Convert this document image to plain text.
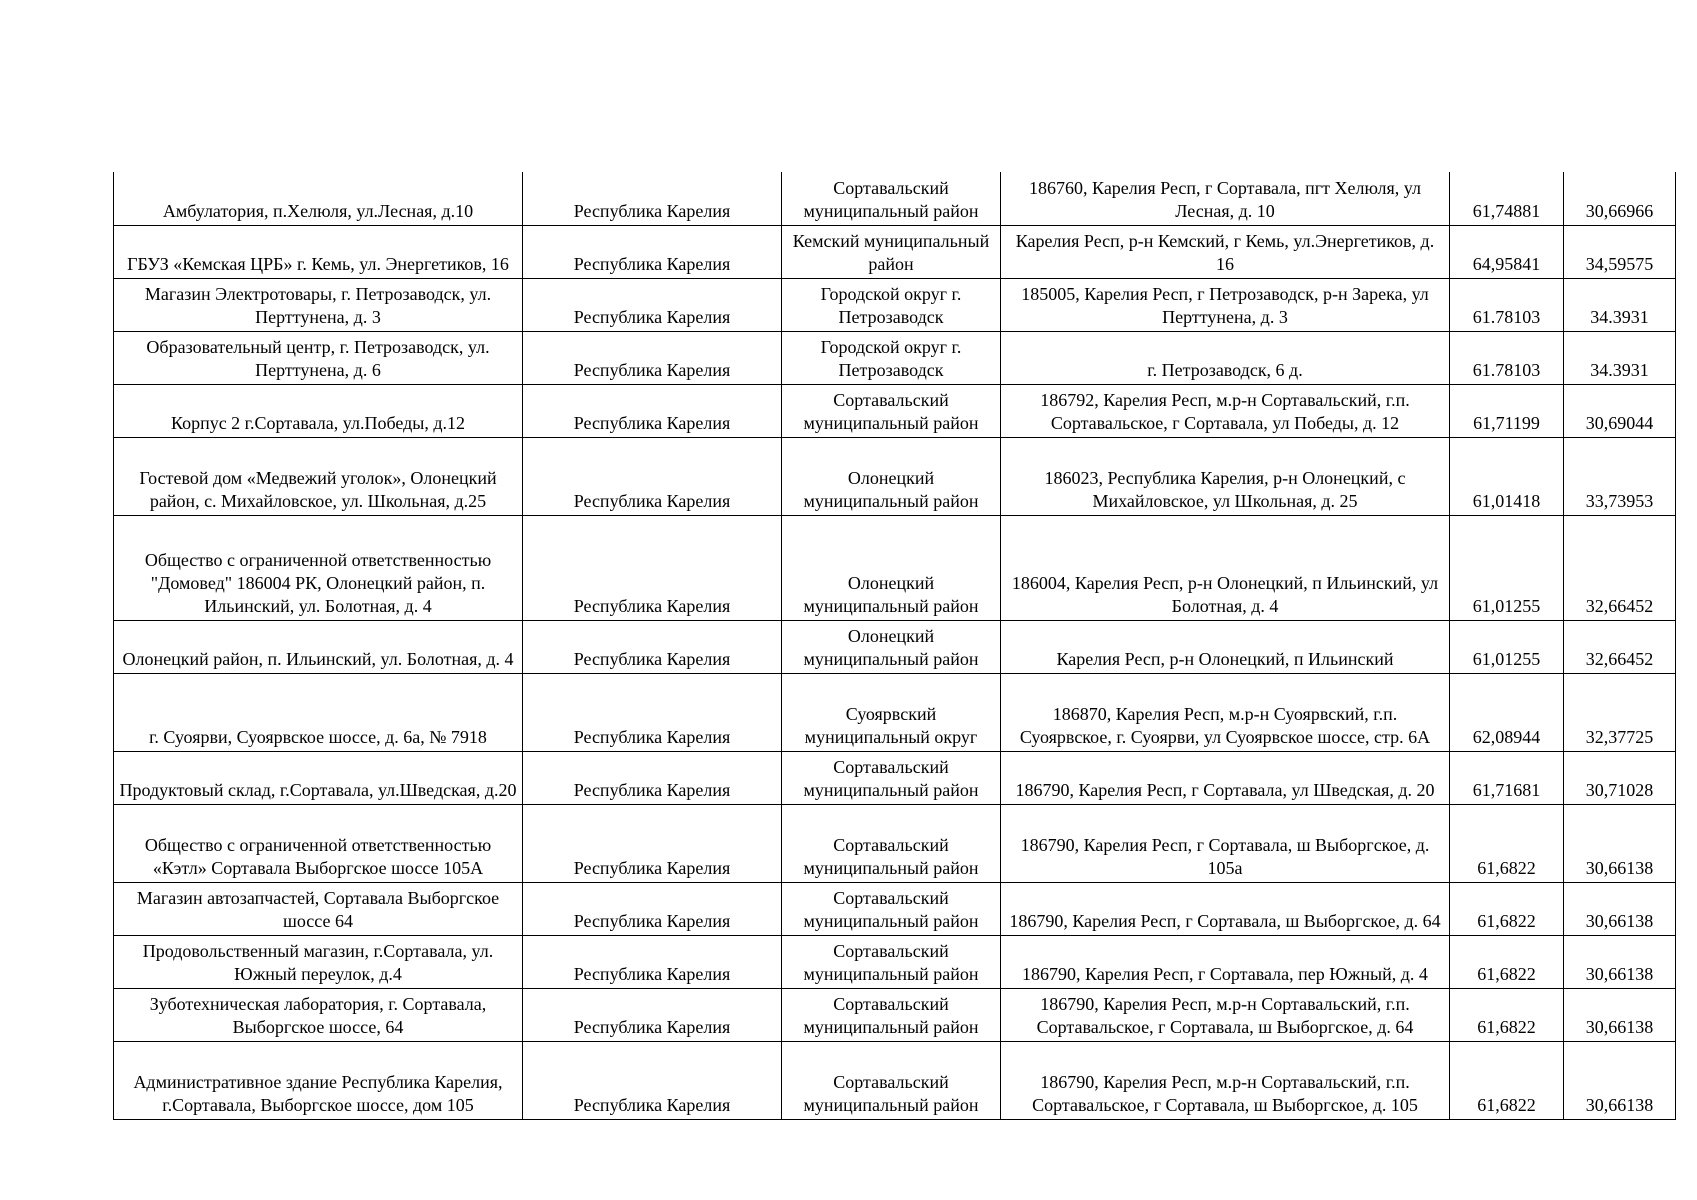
Амбулатория, п.Хелюля, ул.Лесная, д.10	Республика Карелия	Сортавальский муниципальный район	186760, Карелия Респ, г Сортавала, пгт Хелюля, ул Лесная, д. 10	61,74881	30,66966
ГБУЗ «Кемская ЦРБ» г. Кемь, ул. Энергетиков, 16	Республика Карелия	Кемский муниципальный район	Карелия Респ, р-н Кемский, г Кемь, ул.Энергетиков, д. 16	64,95841	34,59575
Магазин Электротовары, г. Петрозаводск, ул. Перттунена, д. 3	Республика Карелия	Городской округ г. Петрозаводск	185005, Карелия Респ, г Петрозаводск, р-н Зарека, ул Перттунена, д. 3	61.78103	34.3931
Образовательный центр, г. Петрозаводск, ул. Перттунена, д. 6	Республика Карелия	Городской округ г. Петрозаводск	г. Петрозаводск, 6 д.	61.78103	34.3931
Корпус 2 г.Сортавала, ул.Победы, д.12	Республика Карелия	Сортавальский муниципальный район	186792, Карелия Респ, м.р-н Сортавальский, г.п. Сортавальское, г Сортавала, ул Победы, д. 12	61,71199	30,69044
Гостевой дом «Медвежий уголок», Олонецкий район, с. Михайловское, ул. Школьная, д.25	Республика Карелия	Олонецкий муниципальный район	186023, Республика Карелия, р-н Олонецкий, с Михайловское, ул Школьная, д. 25	61,01418	33,73953
Общество с ограниченной ответственностью "Домовед" 186004 РК, Олонецкий район, п. Ильинский, ул. Болотная, д. 4	Республика Карелия	Олонецкий муниципальный район	186004, Карелия Респ, р-н Олонецкий, п Ильинский, ул Болотная, д. 4	61,01255	32,66452
Олонецкий район, п. Ильинский, ул. Болотная, д. 4	Республика Карелия	Олонецкий муниципальный район	Карелия Респ, р-н Олонецкий, п Ильинский	61,01255	32,66452
г. Суоярви, Суоярвское шоссе, д. 6а, № 7918	Республика Карелия	Суоярвский муниципальный округ	186870, Карелия Респ, м.р-н Суоярвский, г.п. Суоярвское, г. Суоярви, ул Суоярвское шоссе, стр. 6А	62,08944	32,37725
Продуктовый склад, г.Сортавала, ул.Шведская, д.20	Республика Карелия	Сортавальский муниципальный район	186790, Карелия Респ, г Сортавала, ул Шведская, д. 20	61,71681	30,71028
Общество с ограниченной ответственностью «Кэтл» Сортавала Выборгское шоссе 105А	Республика Карелия	Сортавальский муниципальный район	186790, Карелия Респ, г Сортавала, ш Выборгское, д. 105а	61,6822	30,66138
Магазин автозапчастей, Сортавала Выборгское шоссе 64	Республика Карелия	Сортавальский муниципальный район	186790, Карелия Респ, г Сортавала, ш Выборгское, д. 64	61,6822	30,66138
Продовольственный магазин, г.Сортавала, ул. Южный переулок, д.4	Республика Карелия	Сортавальский муниципальный район	186790, Карелия Респ, г Сортавала, пер Южный, д. 4	61,6822	30,66138
Зуботехническая лаборатория, г. Сортавала, Выборгское шоссе, 64	Республика Карелия	Сортавальский муниципальный район	186790, Карелия Респ, м.р-н Сортавальский, г.п. Сортавальское, г Сортавала, ш Выборгское, д. 64	61,6822	30,66138
Административное здание Республика Карелия, г.Сортавала, Выборгское шоссе, дом 105	Республика Карелия	Сортавальский муниципальный район	186790, Карелия Респ, м.р-н Сортавальский, г.п. Сортавальское, г Сортавала, ш Выборгское, д. 105	61,6822	30,66138
